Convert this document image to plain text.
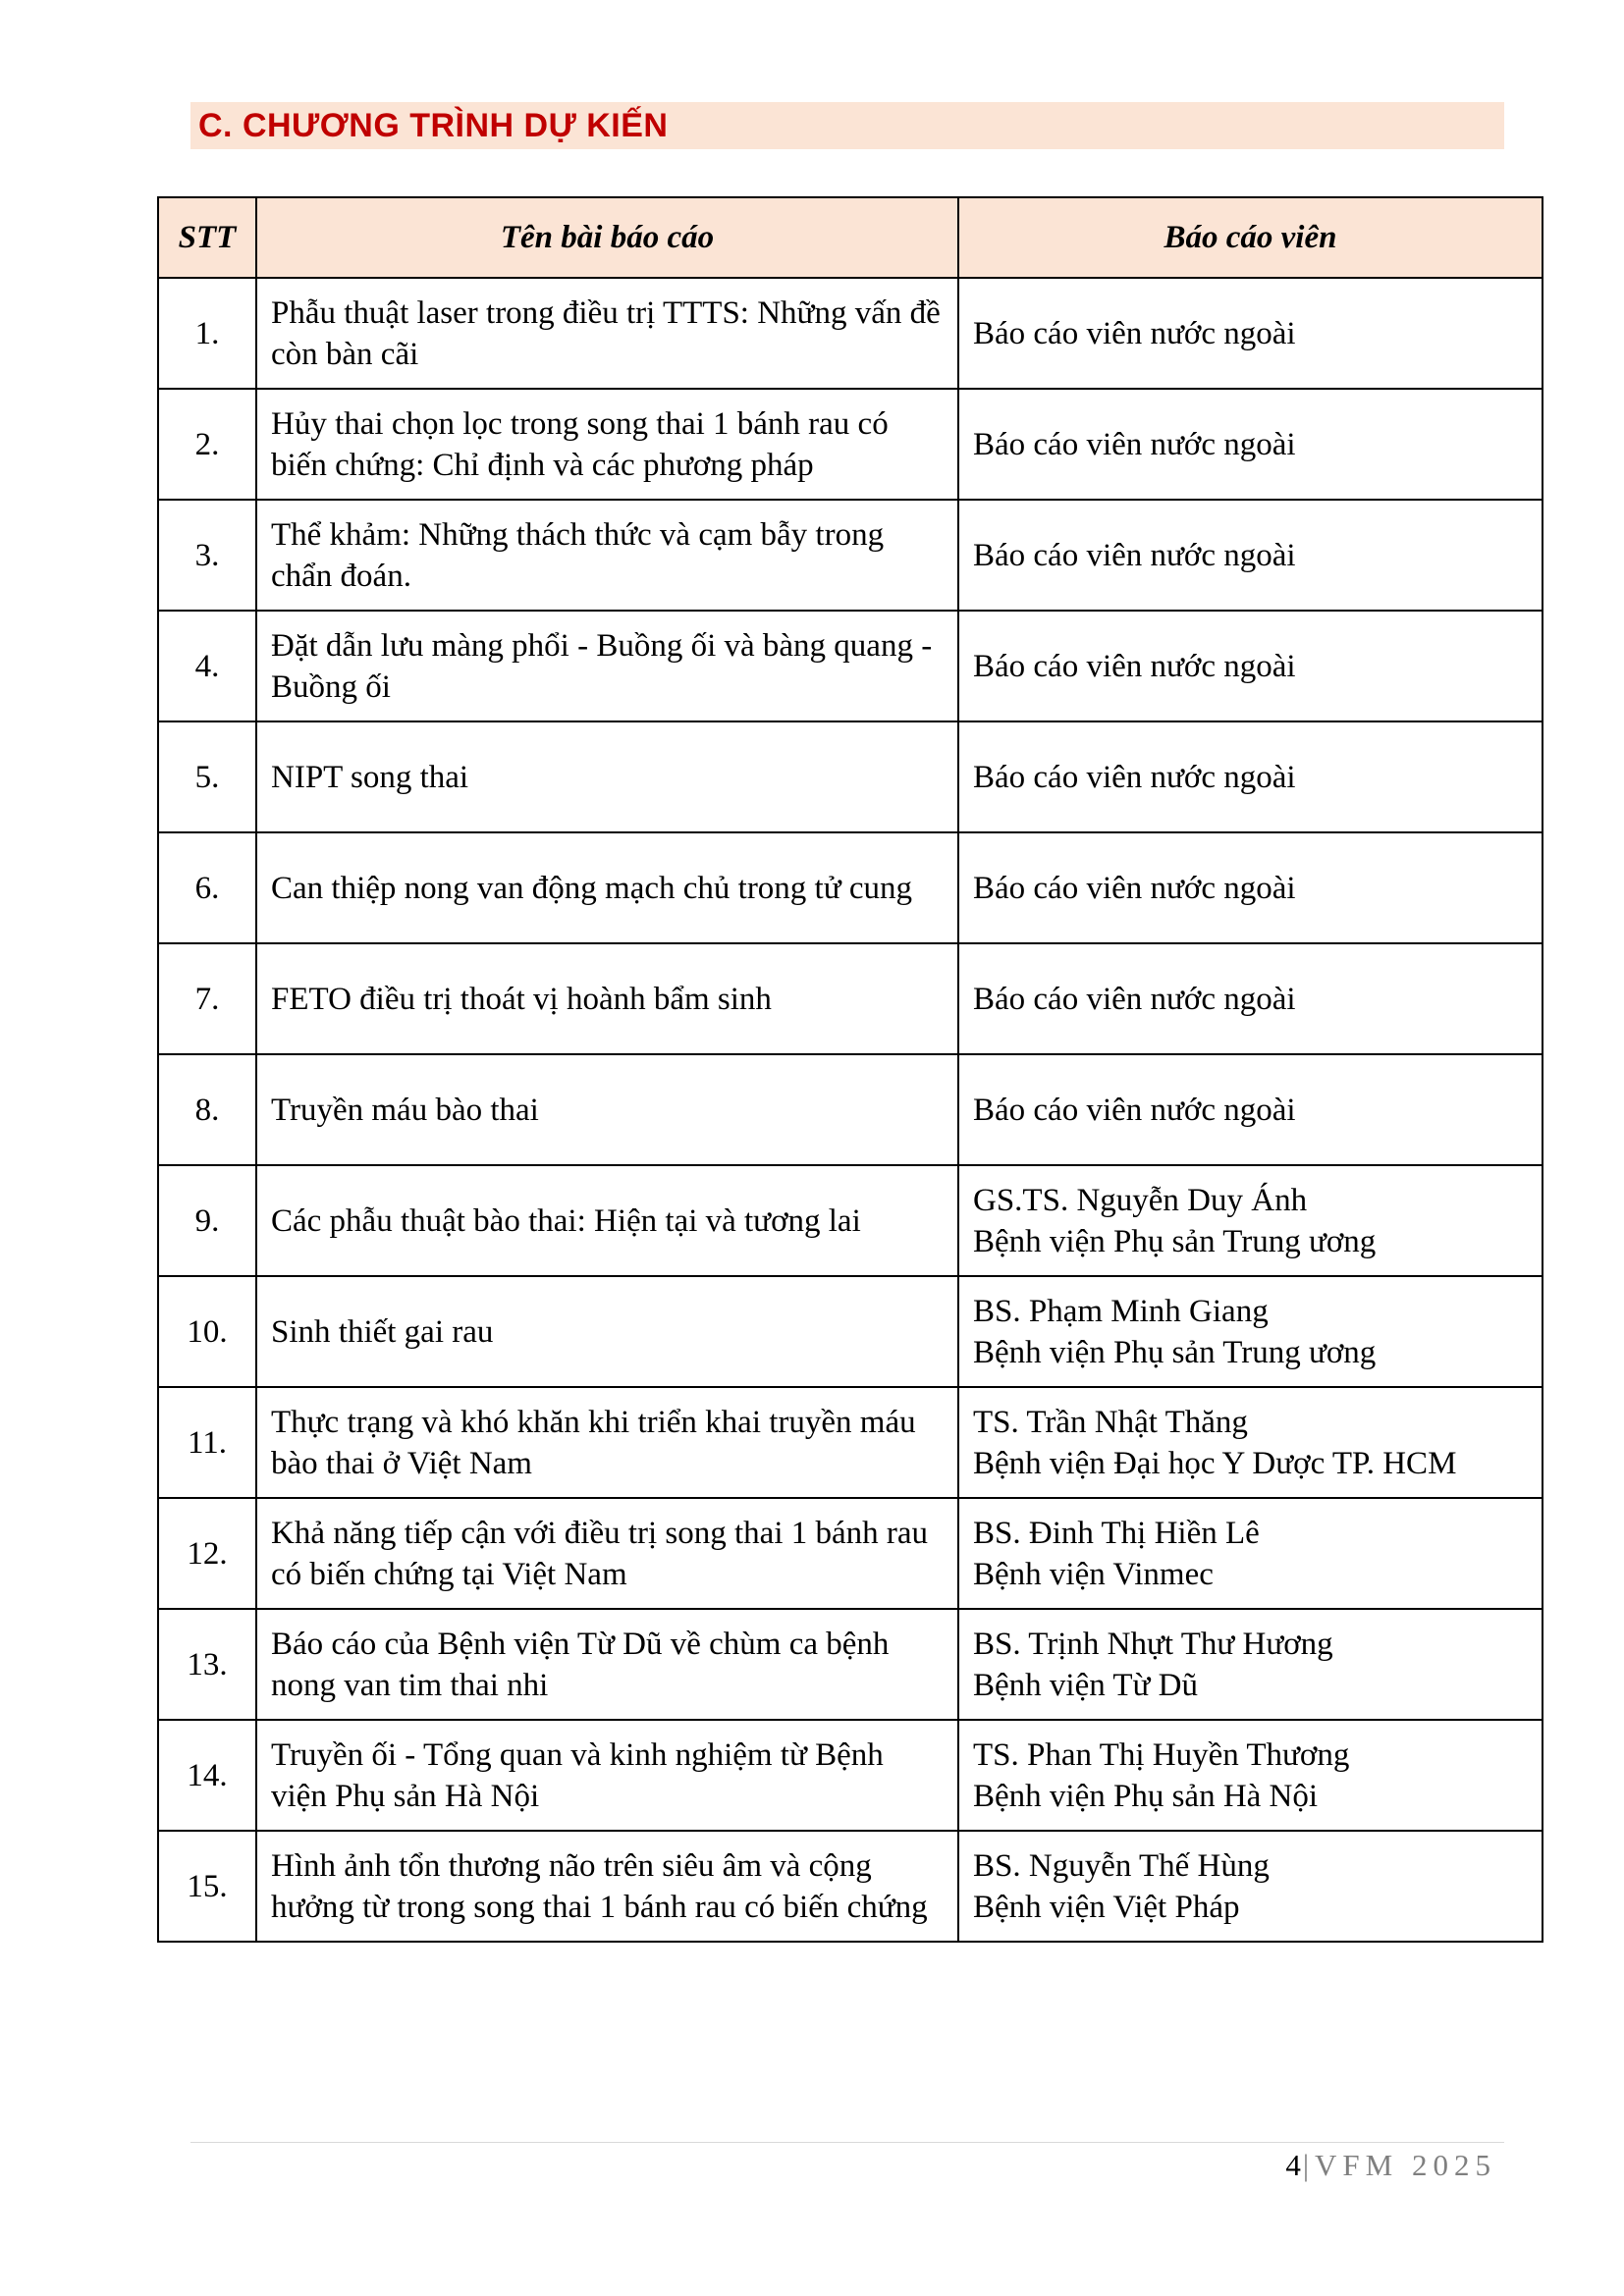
C. CHƯƠNG TRÌNH DỰ KIẾN
STT	Tên bài báo cáo	Báo cáo viên
1.	Phẫu thuật laser trong điều trị TTTS: Những vấn đề còn bàn cãi	Báo cáo viên nước ngoài

2.	Hủy thai chọn lọc trong song thai 1 bánh rau có biến chứng: Chỉ định và các phương pháp	Báo cáo viên nước ngoài

3.	Thể khảm: Những thách thức và cạm bẫy trong chẩn đoán.	Báo cáo viên nước ngoài

4.	Đặt dẫn lưu màng phổi - Buồng ối và bàng quang - Buồng ối	Báo cáo viên nước ngoài

5.	NIPT song thai	Báo cáo viên nước ngoài

6.	Can thiệp nong van động mạch chủ trong tử cung	Báo cáo viên nước ngoài

7.	FETO điều trị thoát vị hoành bẩm sinh	Báo cáo viên nước ngoài

8.	Truyền máu bào thai	Báo cáo viên nước ngoài

9.	Các phẫu thuật bào thai: Hiện tại và tương lai	GS.TS. Nguyễn Duy Ánh
Bệnh viện Phụ sản Trung ương

10.	Sinh thiết gai rau	BS. Phạm Minh Giang
Bệnh viện Phụ sản Trung ương

11.	Thực trạng và khó khăn khi triển khai truyền máu bào thai ở Việt Nam	TS. Trần Nhật Thăng
Bệnh viện Đại học Y Dược TP. HCM

12.	Khả năng tiếp cận với điều trị song thai 1 bánh rau có biến chứng tại Việt Nam	BS. Đinh Thị Hiền Lê
Bệnh viện Vinmec

13.	Báo cáo của Bệnh viện Từ Dũ về chùm ca bệnh nong van tim thai nhi	BS. Trịnh Nhựt Thư Hương
Bệnh viện Từ Dũ

14.	Truyền ối - Tổng quan và kinh nghiệm từ Bệnh viện Phụ sản Hà Nội	TS. Phan Thị Huyền Thương
Bệnh viện Phụ sản Hà Nội

15.	Hình ảnh tổn thương não trên siêu âm và cộng hưởng từ trong song thai 1 bánh rau có biến chứng	BS. Nguyễn Thế Hùng
Bệnh viện Việt Pháp
4|VFM 2025
